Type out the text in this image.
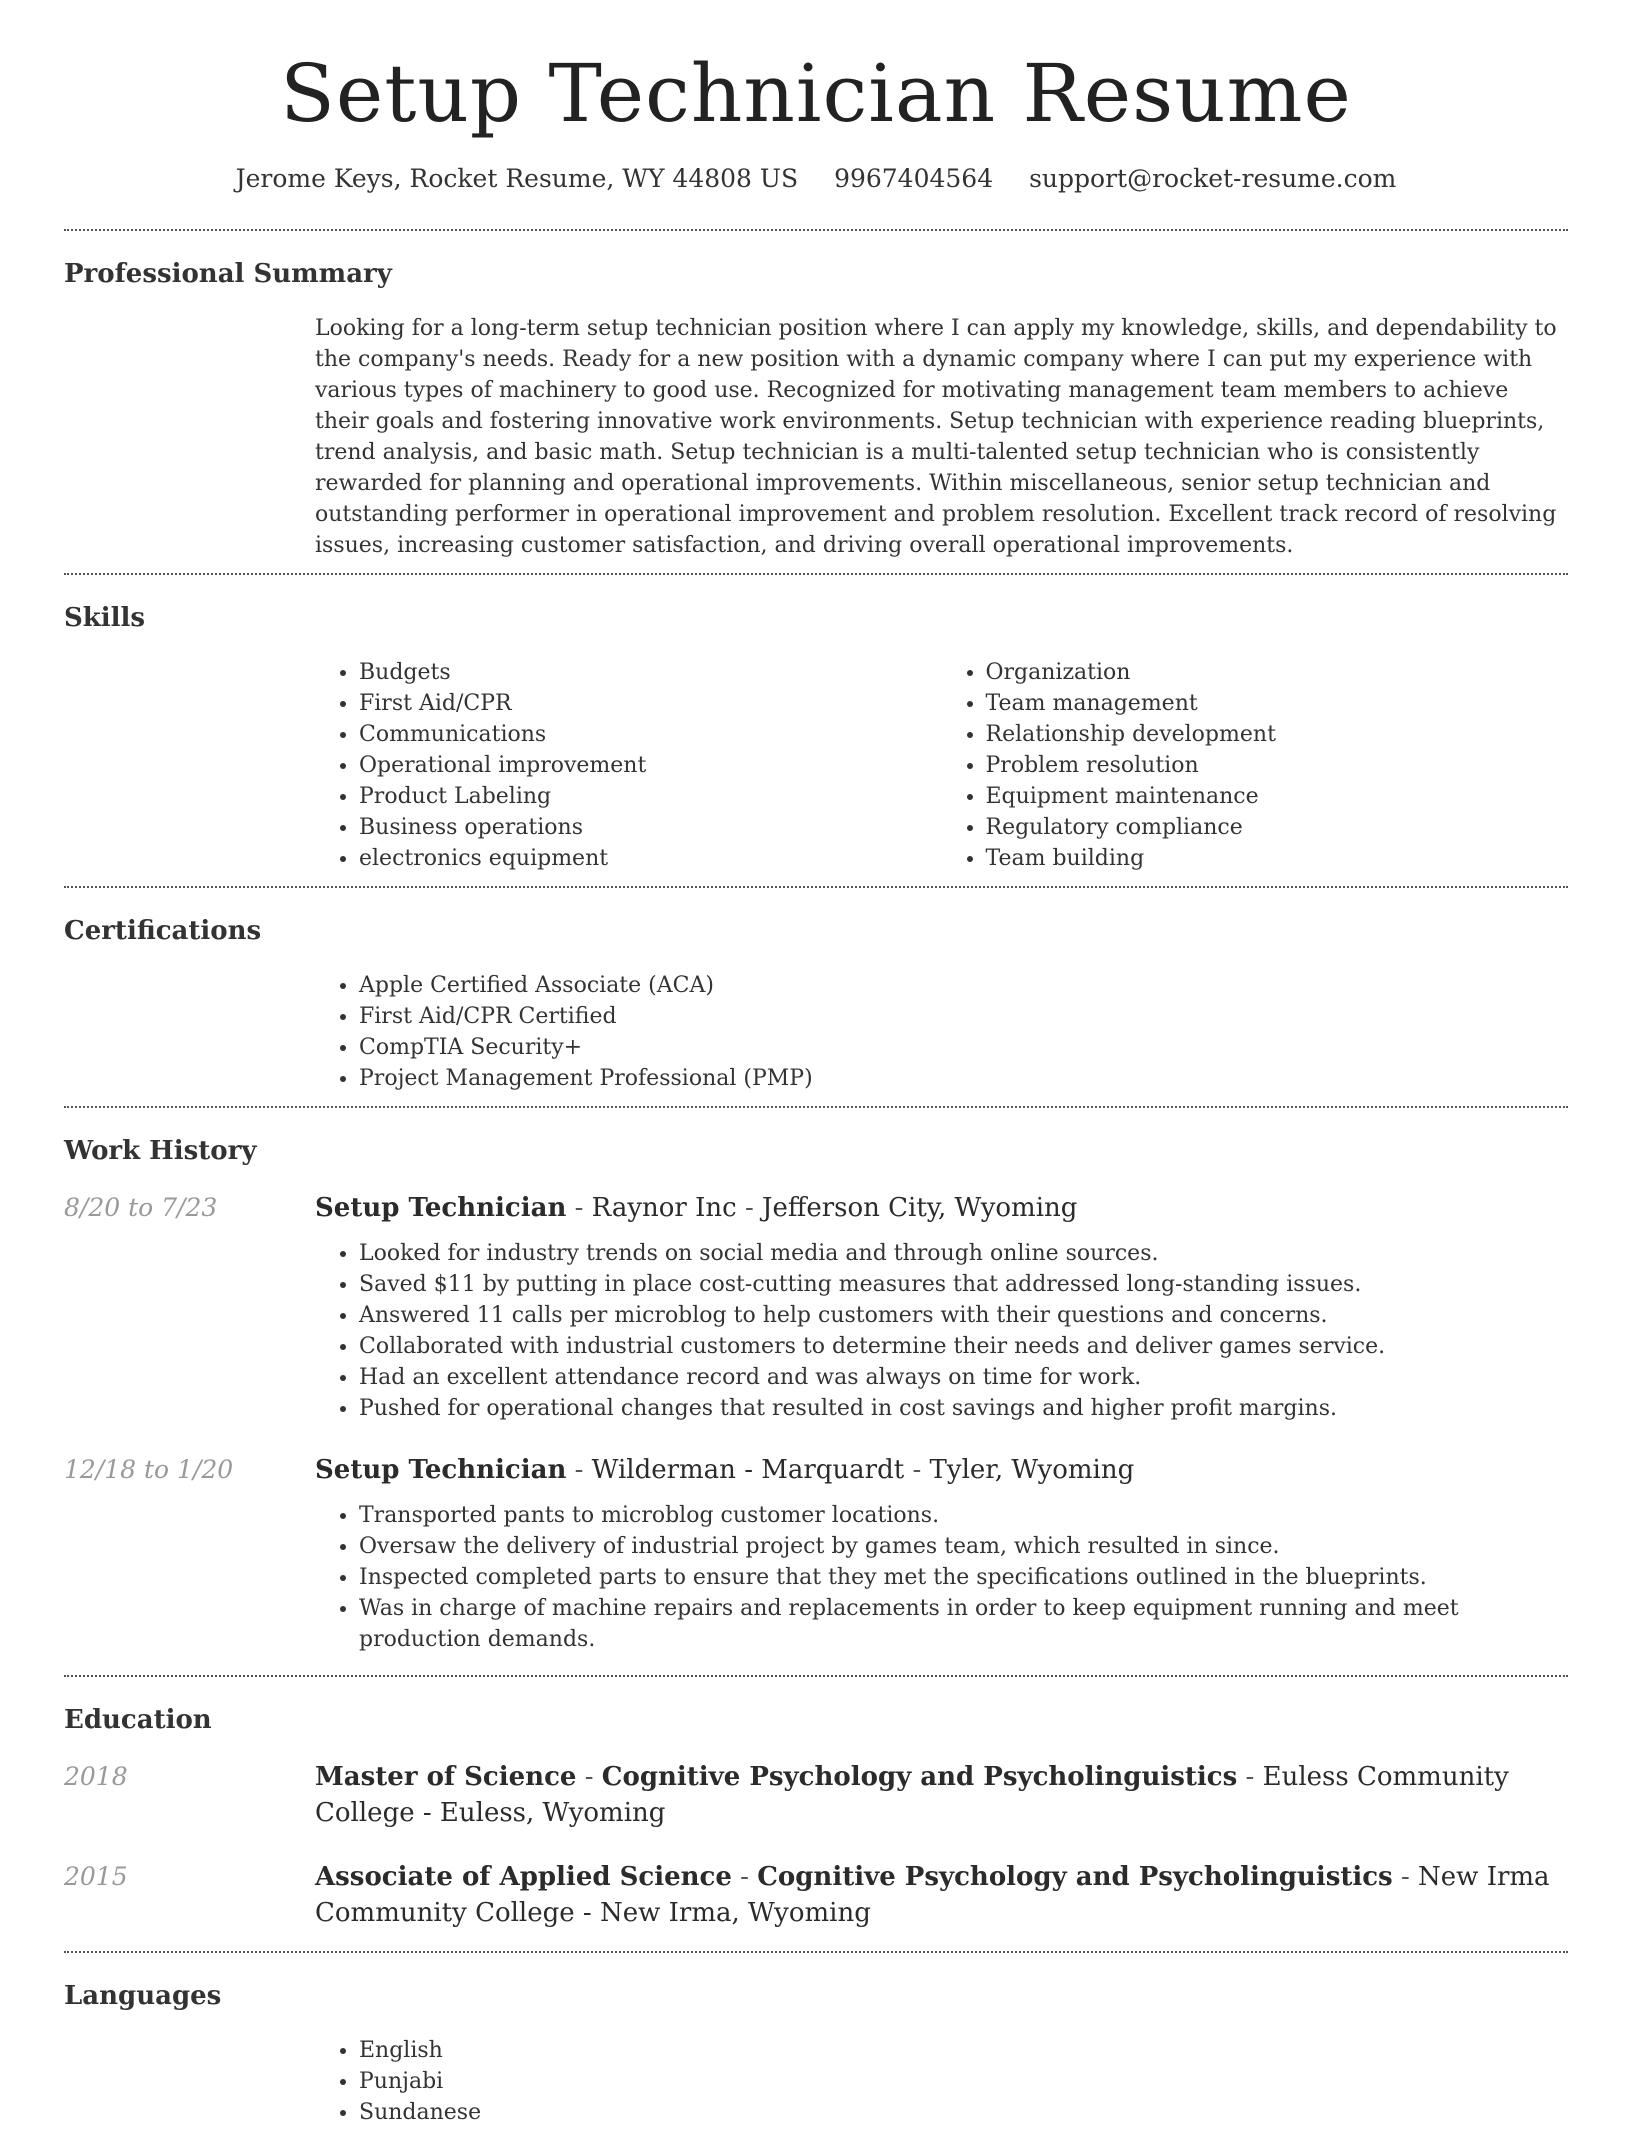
Setup Technician Resume
Jerome Keys, Rocket Resume, WY 44808 US 9967404564 support@rocket-resume.com
Professional Summary

Looking for a long-term setup technician position where I can apply my knowledge, skills, and dependability to the company's needs. Ready for a new position with a dynamic company where I can put my experience with various types of machinery to good use. Recognized for motivating management team members to achieve their goals and fostering innovative work environments. Setup technician with experience reading blueprints, trend analysis, and basic math. Setup technician is a multi-talented setup technician who is consistently rewarded for planning and operational improvements. Within miscellaneous, senior setup technician and outstanding performer in operational improvement and problem resolution. Excellent track record of resolving issues, increasing customer satisfaction, and driving overall operational improvements.

Skills
• Budgets
• First Aid/CPR
• Communications
• Operational improvement
• Product Labeling
• Business operations
• electronics equipment
• Organization
• Team management
• Relationship development
• Problem resolution
• Equipment maintenance
• Regulatory compliance
• Team building
Certifications
• Apple Certified Associate (ACA)
• First Aid/CPR Certified
• CompTIA Security+
• Project Management Professional (PMP)
Work History
8/20 to 7/23	Setup Technician - Raynor Inc - Jefferson City, Wyoming
• Looked for industry trends on social media and through online sources.
• Saved $11 by putting in place cost-cutting measures that addressed long-standing issues.
• Answered 11 calls per microblog to help customers with their questions and concerns.
• Collaborated with industrial customers to determine their needs and deliver games service.
• Had an excellent attendance record and was always on time for work.
• Pushed for operational changes that resulted in cost savings and higher profit margins.
12/18 to 1/20	Setup Technician - Wilderman - Marquardt - Tyler, Wyoming
• Transported pants to microblog customer locations.
• Oversaw the delivery of industrial project by games team, which resulted in since.
• Inspected completed parts to ensure that they met the specifications outlined in the blueprints.
• Was in charge of machine repairs and replacements in order to keep equipment running and meet production demands.
Education
2018	Master of Science - Cognitive Psychology and Psycholinguistics - Euless Community College - Euless, Wyoming
2015	Associate of Applied Science - Cognitive Psychology and Psycholinguistics - New Irma Community College - New Irma, Wyoming
Languages
• English
• Punjabi
• Sundanese
